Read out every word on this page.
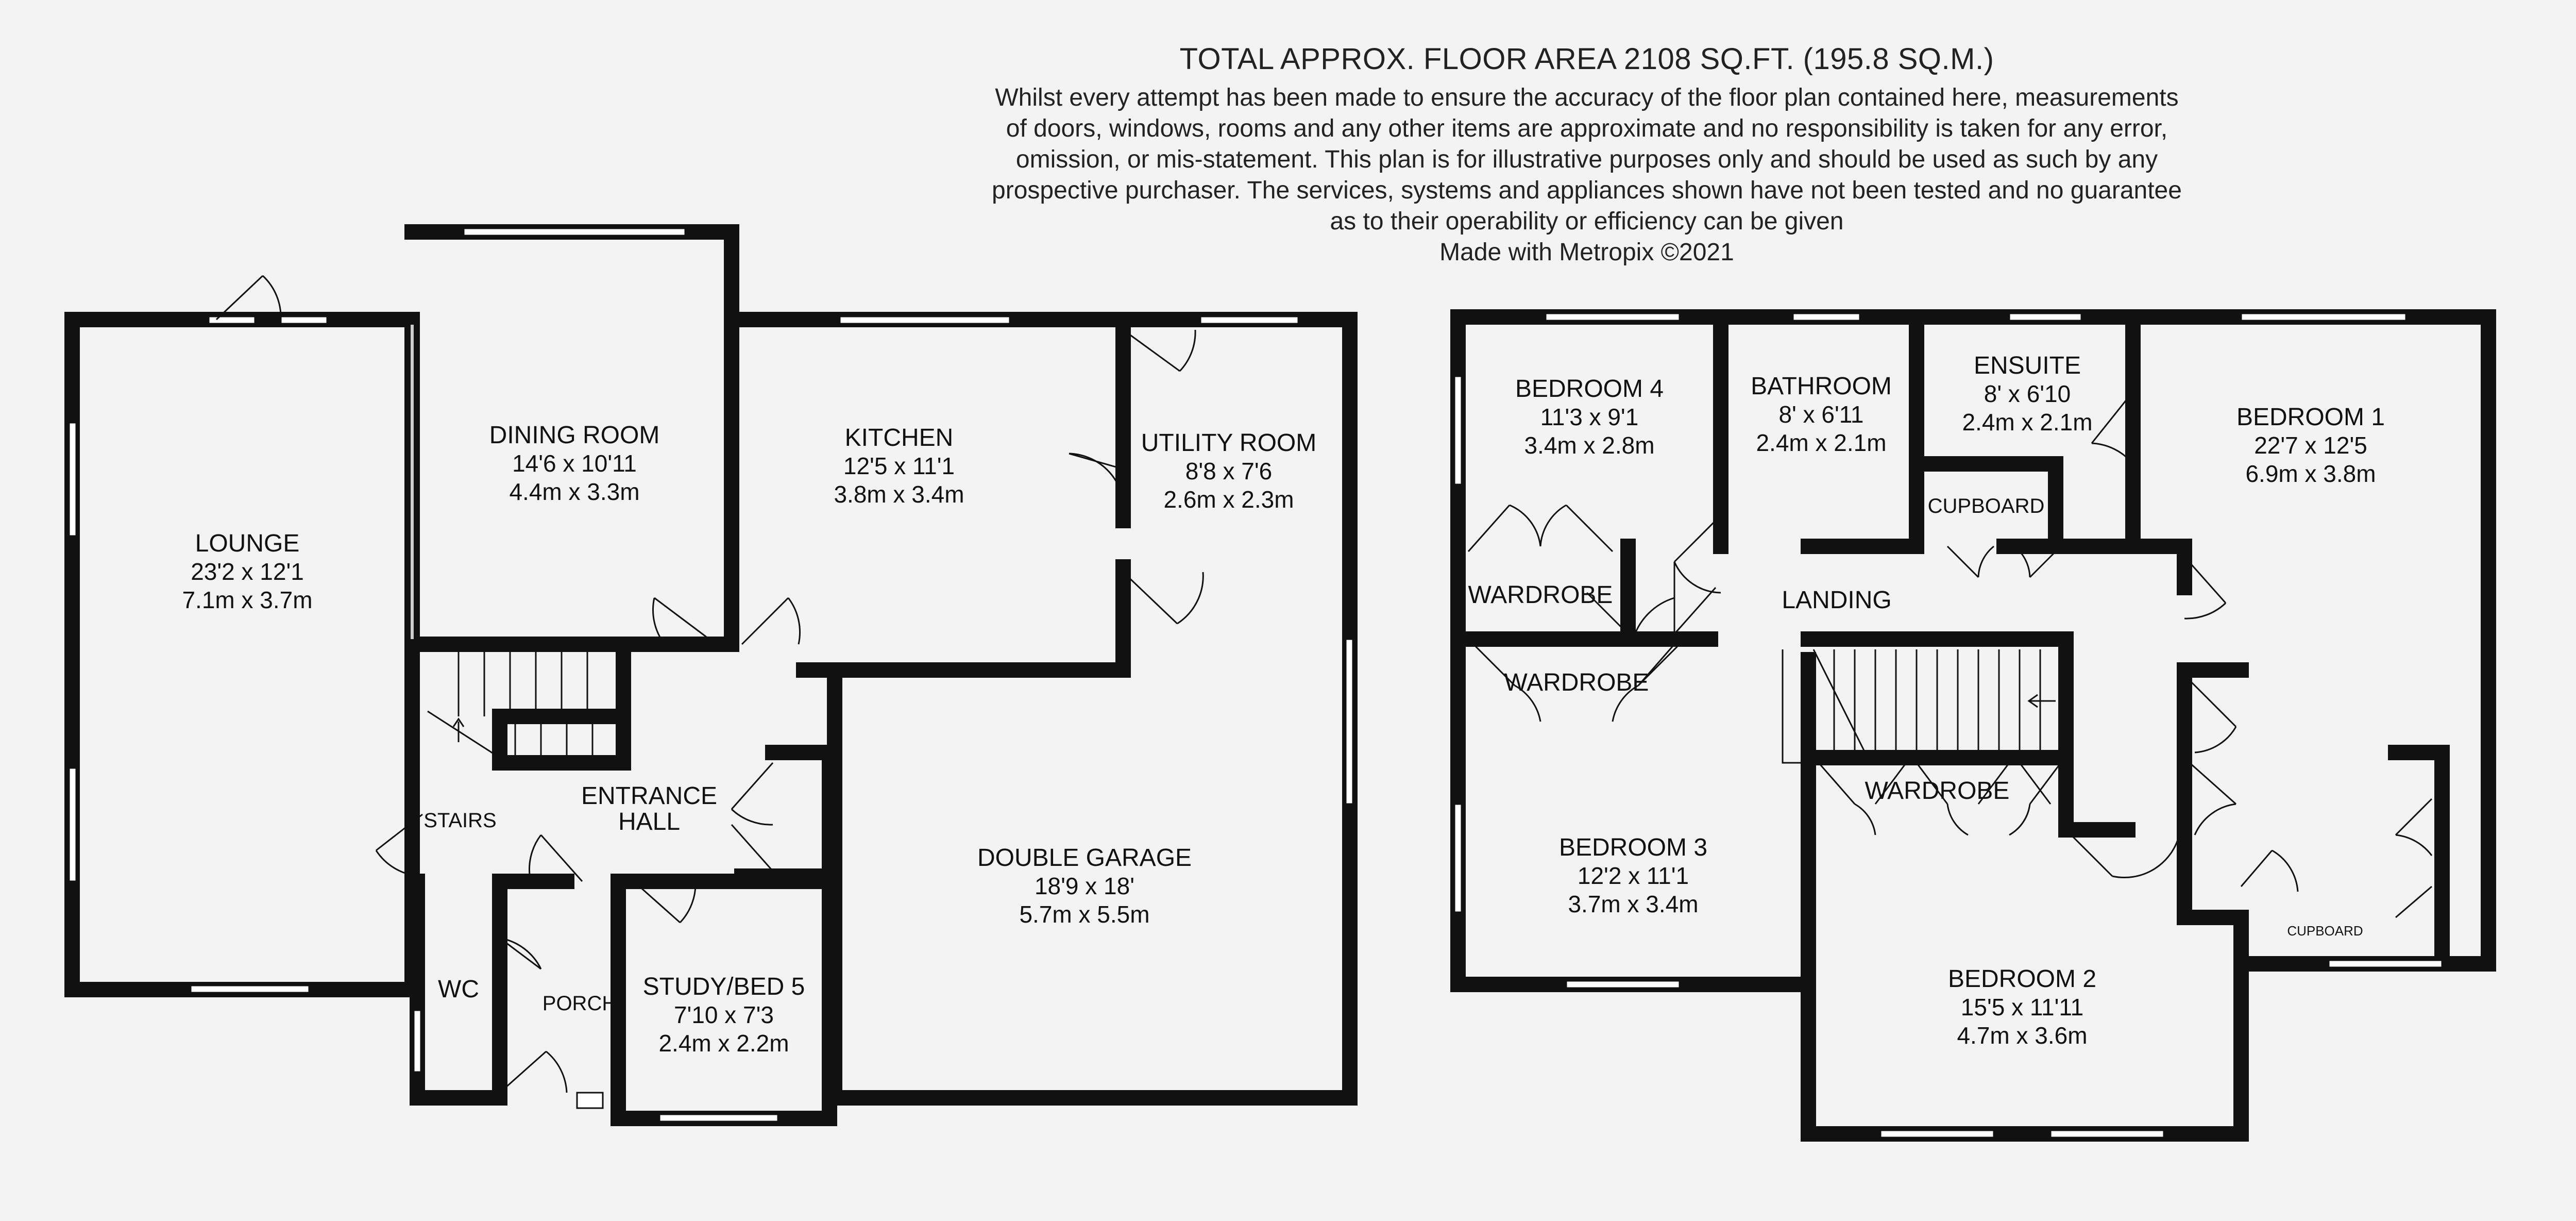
TOTAL APPROX. FLOOR AREA 2108 SQ.FT. (195.8 SQ.M.)
Whilst every attempt has been made to ensure the accuracy of the floor plan contained here, measurements
of doors, windows, rooms and any other items are approximate and no responsibility is taken for any error,
omission, or mis-statement. This plan is for illustrative purposes only and should be used as such by any
prospective purchaser. The services, systems and appliances shown have not been tested and no guarantee
as to their operability or efficiency can be given
Made with Metropix ©2021
LOUNGE
23'2 x 12'1
7.1m x 3.7m
DINING ROOM
14'6 x 10'11
4.4m x 3.3m
KITCHEN
12'5 x 11'1
3.8m x 3.4m
UTILITY ROOM
8'8 x 7'6
2.6m x 2.3m
DOUBLE GARAGE
18'9 x 18'
5.7m x 5.5m
ENTRANCE
HALL
STAIRS
WC
PORCH
STUDY/BED 5
7'10 x 7'3
2.4m x 2.2m
BEDROOM 4
11'3 x 9'1
3.4m x 2.8m
BATHROOM
8' x 6'11
2.4m x 2.1m
ENSUITE
8' x 6'10
2.4m x 2.1m	BEDROOM 1
22'7 x 12'5
6.9m x 3.8m
CUPBOARD
LANDING
WARDROBE
WARDROBE
BEDROOM 3
12'2 x 11'1
3.7m x 3.4m
WARDROBE
BEDROOM 2
15'5 x 11'11
4.7m x 3.6m
CUPBOARD
